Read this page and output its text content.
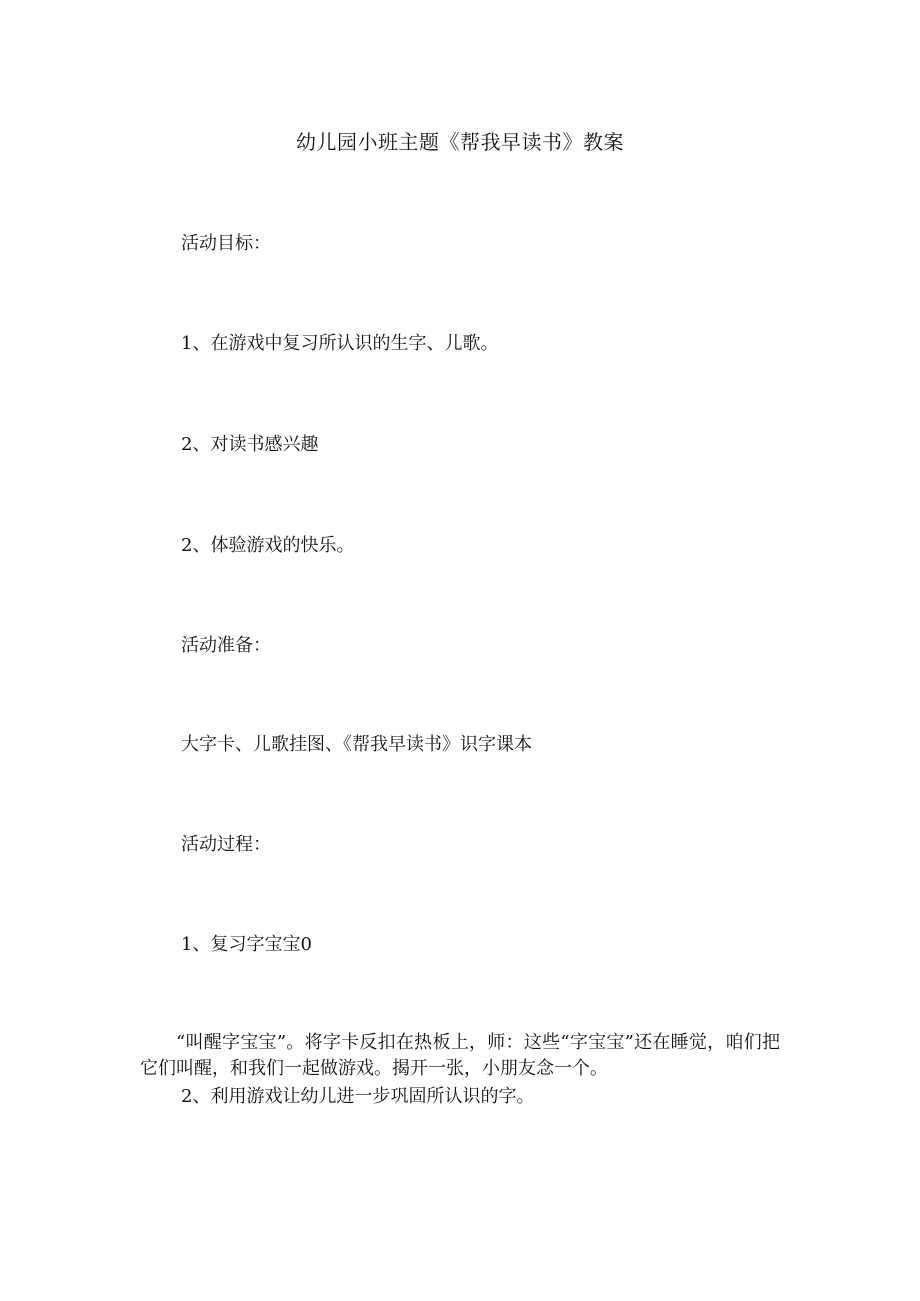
幼儿园小班主题《帮我早读书》教案
活动目标：
1、在游戏中复习所认识的生字、儿歌。
2、对读书感兴趣
2、体验游戏的快乐。
活动准备：
大字卡、儿歌挂图、《帮我早读书》识字课本
活动过程：
1、复习字宝宝0
“叫醒字宝宝”。将字卡反扣在热板上，师：这些“字宝宝”还在睡觉，咱们把它们叫醒，和我们一起做游戏。揭开一张，小朋友念一个。
2、利用游戏让幼儿进一步巩固所认识的字。
